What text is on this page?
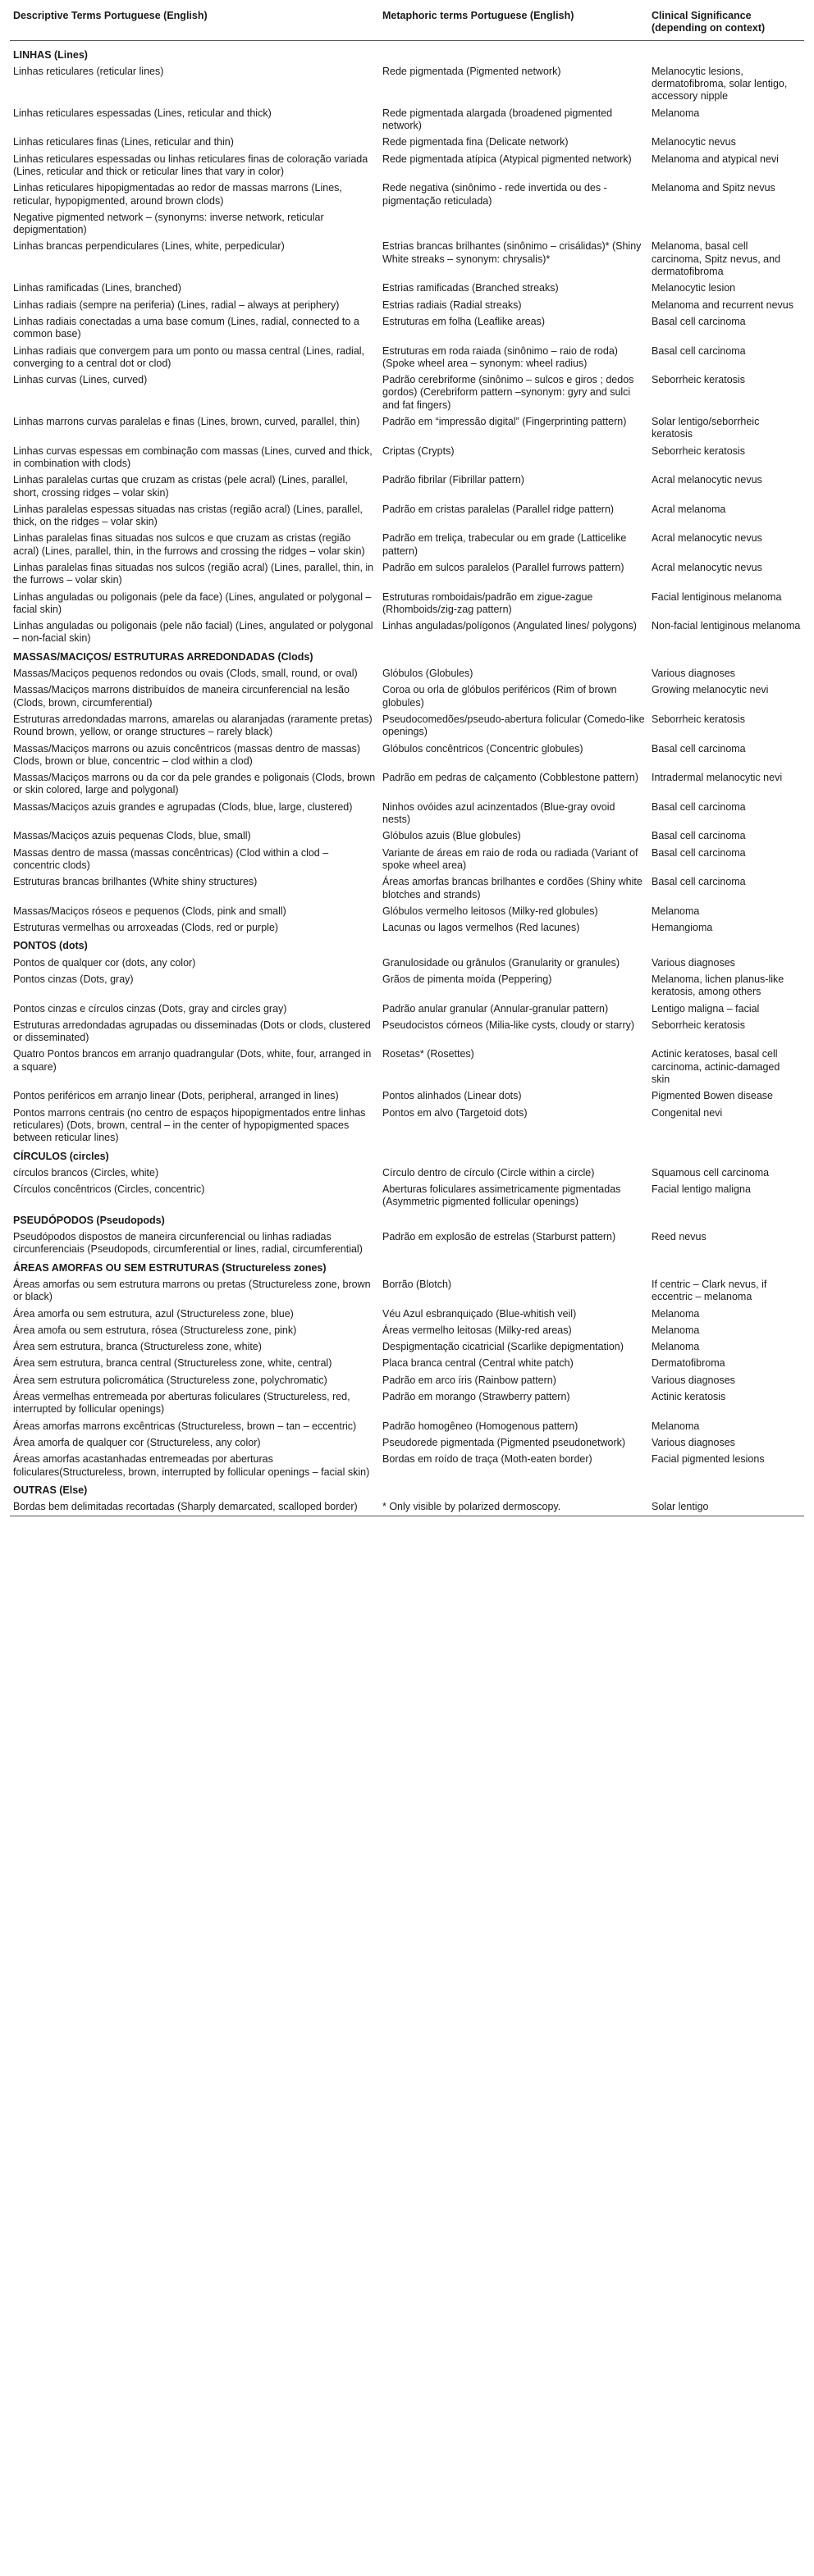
Descriptive Terms Portuguese (English)	Metaphoric terms Portuguese (English)	Clinical Significance (depending on context)
LINHAS (Lines)		
Linhas reticulares (reticular lines)	Rede pigmentada (Pigmented network)	Melanocytic lesions, dermatofibroma, solar lentigo, accessory nipple
Linhas reticulares espessadas (Lines, reticular and thick)	Rede pigmentada alargada (broadened pigmented network)	Melanoma
Linhas reticulares finas (Lines, reticular and thin)	Rede pigmentada fina (Delicate network)	Melanocytic nevus
Linhas reticulares espessadas ou linhas reticulares finas de coloração variada (Lines, reticular and thick or reticular lines that vary in color)	Rede pigmentada atípica (Atypical pigmented network)	Melanoma and atypical nevi
Linhas reticulares hipopigmentadas ao redor de massas marrons (Lines, reticular, hypopigmented, around brown clods)	Rede negativa (sinônimo - rede invertida ou des -pigmentação reticulada)	Melanoma and Spitz nevus
Negative pigmented network – (synonyms: inverse network, reticular depigmentation)		
Linhas brancas perpendiculares (Lines, white, perpedicular)	Estrias brancas brilhantes (sinônimo – crisálidas)* (Shiny White streaks – synonym: chrysalis)*	Melanoma, basal cell carcinoma, Spitz nevus, and dermatofibroma
Linhas ramificadas (Lines, branched)	Estrias ramificadas (Branched streaks)	Melanocytic lesion
Linhas radiais (sempre na periferia) (Lines, radial – always at periphery)	Estrias radiais (Radial streaks)	Melanoma and recurrent nevus
Linhas radiais conectadas a uma base comum (Lines, radial, connected to a common base)	Estruturas em folha (Leaflike areas)	Basal cell carcinoma
Linhas radiais que convergem para um ponto ou massa central (Lines, radial, converging to a central dot or clod)	Estruturas em roda raiada (sinônimo – raio de roda) (Spoke wheel area – synonym: wheel radius)	Basal cell carcinoma
Linhas curvas (Lines, curved)	Padrão cerebriforme (sinônimo – sulcos e giros ; dedos gordos) (Cerebriform pattern –synonym: gyry and sulci and fat fingers)	Seborrheic keratosis
Linhas marrons curvas paralelas e finas (Lines, brown, curved, parallel, thin)	Padrão em “impressão digital” (Fingerprinting pattern)	Solar lentigo/seborrheic keratosis
Linhas curvas espessas em combinação com massas (Lines, curved and thick, in combination with clods)	Criptas (Crypts)	Seborrheic keratosis
Linhas paralelas curtas que cruzam as cristas (pele acral) (Lines, parallel, short, crossing ridges – volar skin)	Padrão fibrilar (Fibrillar pattern)	Acral melanocytic nevus
Linhas paralelas espessas situadas nas cristas (região acral) (Lines, parallel, thick, on the ridges – volar skin)	Padrão em cristas paralelas (Parallel ridge pattern)	Acral melanoma
Linhas paralelas finas situadas nos sulcos e que cruzam as cristas (região acral) (Lines, parallel, thin, in the furrows and crossing the ridges – volar skin)	Padrão em treliça, trabecular ou em grade (Latticelike pattern)	Acral melanocytic nevus
Linhas paralelas finas situadas nos sulcos (região acral) (Lines, parallel, thin, in the furrows – volar skin)	Padrão em sulcos paralelos (Parallel furrows pattern)	Acral melanocytic nevus
Linhas anguladas ou poligonais (pele da face) (Lines, angulated or polygonal – facial skin)	Estruturas romboidais/padrão em zigue-zague (Rhomboids/zig-zag pattern)	Facial lentiginous melanoma
Linhas anguladas ou poligonais (pele não facial) (Lines, angulated or polygonal – non-facial skin)	Linhas anguladas/polígonos (Angulated lines/ polygons)	Non-facial lentiginous melanoma
MASSAS/MACIÇOS/ ESTRUTURAS ARREDONDADAS (Clods)		
Massas/Maciços pequenos redondos ou ovais (Clods, small, round, or oval)	Glóbulos (Globules)	Various diagnoses
Massas/Maciços marrons distribuídos de maneira circunferencial na lesão (Clods, brown, circumferential)	Coroa ou orla de glóbulos periféricos (Rim of brown globules)	Growing melanocytic nevi
Estruturas arredondadas marrons, amarelas ou alaranjadas (raramente pretas) Round brown, yellow, or orange structures – rarely black)	Pseudocomedões/pseudo-abertura folicular (Comedo-like openings)	Seborrheic keratosis
Massas/Maciços marrons ou azuis concêntricos (massas dentro de massas) Clods, brown or blue, concentric – clod within a clod)	Glóbulos concêntricos (Concentric globules)	Basal cell carcinoma
Massas/Maciços marrons ou da cor da pele grandes e poligonais (Clods, brown or skin colored, large and polygonal)	Padrão em pedras de calçamento (Cobblestone pattern)	Intradermal melanocytic nevi
Massas/Maciços azuis grandes e agrupadas (Clods, blue, large, clustered)	Ninhos ovóides azul acinzentados (Blue-gray ovoid nests)	Basal cell carcinoma
Massas/Maciços azuis pequenas Clods, blue, small)	Glóbulos azuis (Blue globules)	Basal cell carcinoma
Massas dentro de massa (massas concêntricas) (Clod within a clod – concentric clods)	Variante de áreas em raio de roda ou radiada (Variant of spoke wheel area)	Basal cell carcinoma
Estruturas brancas brilhantes (White shiny structures)	Áreas amorfas brancas brilhantes e cordões (Shiny white blotches and strands)	Basal cell carcinoma
Massas/Maciços róseos e pequenos (Clods, pink and small)	Glóbulos vermelho leitosos (Milky-red globules)	Melanoma
Estruturas vermelhas ou arroxeadas (Clods, red or purple)	Lacunas ou lagos vermelhos (Red lacunes)	Hemangioma
PONTOS (dots)		
Pontos de qualquer cor (dots, any color)	Granulosidade ou grânulos (Granularity or granules)	Various diagnoses
Pontos cinzas (Dots, gray)	Grãos de pimenta moída (Peppering)	Melanoma, lichen planus-like keratosis, among others
Pontos cinzas e círculos cinzas (Dots, gray and circles gray)	Padrão anular granular (Annular-granular pattern)	Lentigo maligna – facial
Estruturas arredondadas agrupadas ou disseminadas (Dots or clods, clustered or disseminated)	Pseudocistos córneos (Milia-like cysts, cloudy or starry)	Seborrheic keratosis
Quatro Pontos brancos em arranjo quadrangular (Dots, white, four, arranged in a square)	Rosetas* (Rosettes)	Actinic keratoses, basal cell carcinoma, actinic-damaged skin
Pontos periféricos em arranjo linear (Dots, peripheral, arranged in lines)	Pontos alinhados (Linear dots)	Pigmented Bowen disease
Pontos marrons centrais (no centro de espaços hipopigmentados entre linhas reticulares) (Dots, brown, central – in the center of hypopigmented spaces between reticular lines)	Pontos em alvo (Targetoid dots)	Congenital nevi
CÍRCULOS (circles)		
círculos brancos (Circles, white)	Círculo dentro de círculo (Circle within a circle)	Squamous cell carcinoma
Círculos concêntricos (Circles, concentric)	Aberturas foliculares assimetricamente pigmentadas (Asymmetric pigmented follicular openings)	Facial lentigo maligna
PSEUDÓPODOS (Pseudopods)		
Pseudópodos dispostos de maneira circunferencial ou linhas radiadas circunferenciais (Pseudopods, circumferential or lines, radial, circumferential)	Padrão em explosão de estrelas (Starburst pattern)	Reed nevus
ÁREAS AMORFAS OU SEM ESTRUTURAS (Structureless zones)		
Áreas amorfas ou sem estrutura marrons ou pretas (Structureless zone, brown or black)	Borrão (Blotch)	If centric – Clark nevus, if eccentric – melanoma
Área amorfa ou sem estrutura, azul (Structureless zone, blue)	Véu Azul esbranquiçado (Blue-whitish veil)	Melanoma
Área amofa ou sem estrutura, rósea (Structureless zone, pink)	Áreas vermelho leitosas (Milky-red areas)	Melanoma
Área sem estrutura, branca (Structureless zone, white)	Despigmentação cicatricial (Scarlike depigmentation)	Melanoma
Área sem estrutura, branca central (Structureless zone, white, central)	Placa branca central (Central white patch)	Dermatofibroma
Área sem estrutura policromática (Structureless zone, polychromatic)	Padrão em arco íris (Rainbow pattern)	Various diagnoses
Áreas vermelhas entremeada por aberturas foliculares (Structureless, red, interrupted by follicular openings)	Padrão em morango (Strawberry pattern)	Actinic keratosis
Áreas amorfas marrons excêntricas (Structureless, brown – tan – eccentric)	Padrão homogêneo (Homogenous pattern)	Melanoma
Área amorfa de qualquer cor (Structureless, any color)	Pseudorede pigmentada (Pigmented pseudonetwork)	Various diagnoses
Áreas amorfas acastanhadas entremeadas por aberturas foliculares(Structureless, brown, interrupted by follicular openings – facial skin)	Bordas em roído de traça (Moth-eaten border)	Facial pigmented lesions
OUTRAS (Else)		
Bordas bem delimitadas recortadas (Sharply demarcated, scalloped border)	* Only visible by polarized dermoscopy.	Solar lentigo
